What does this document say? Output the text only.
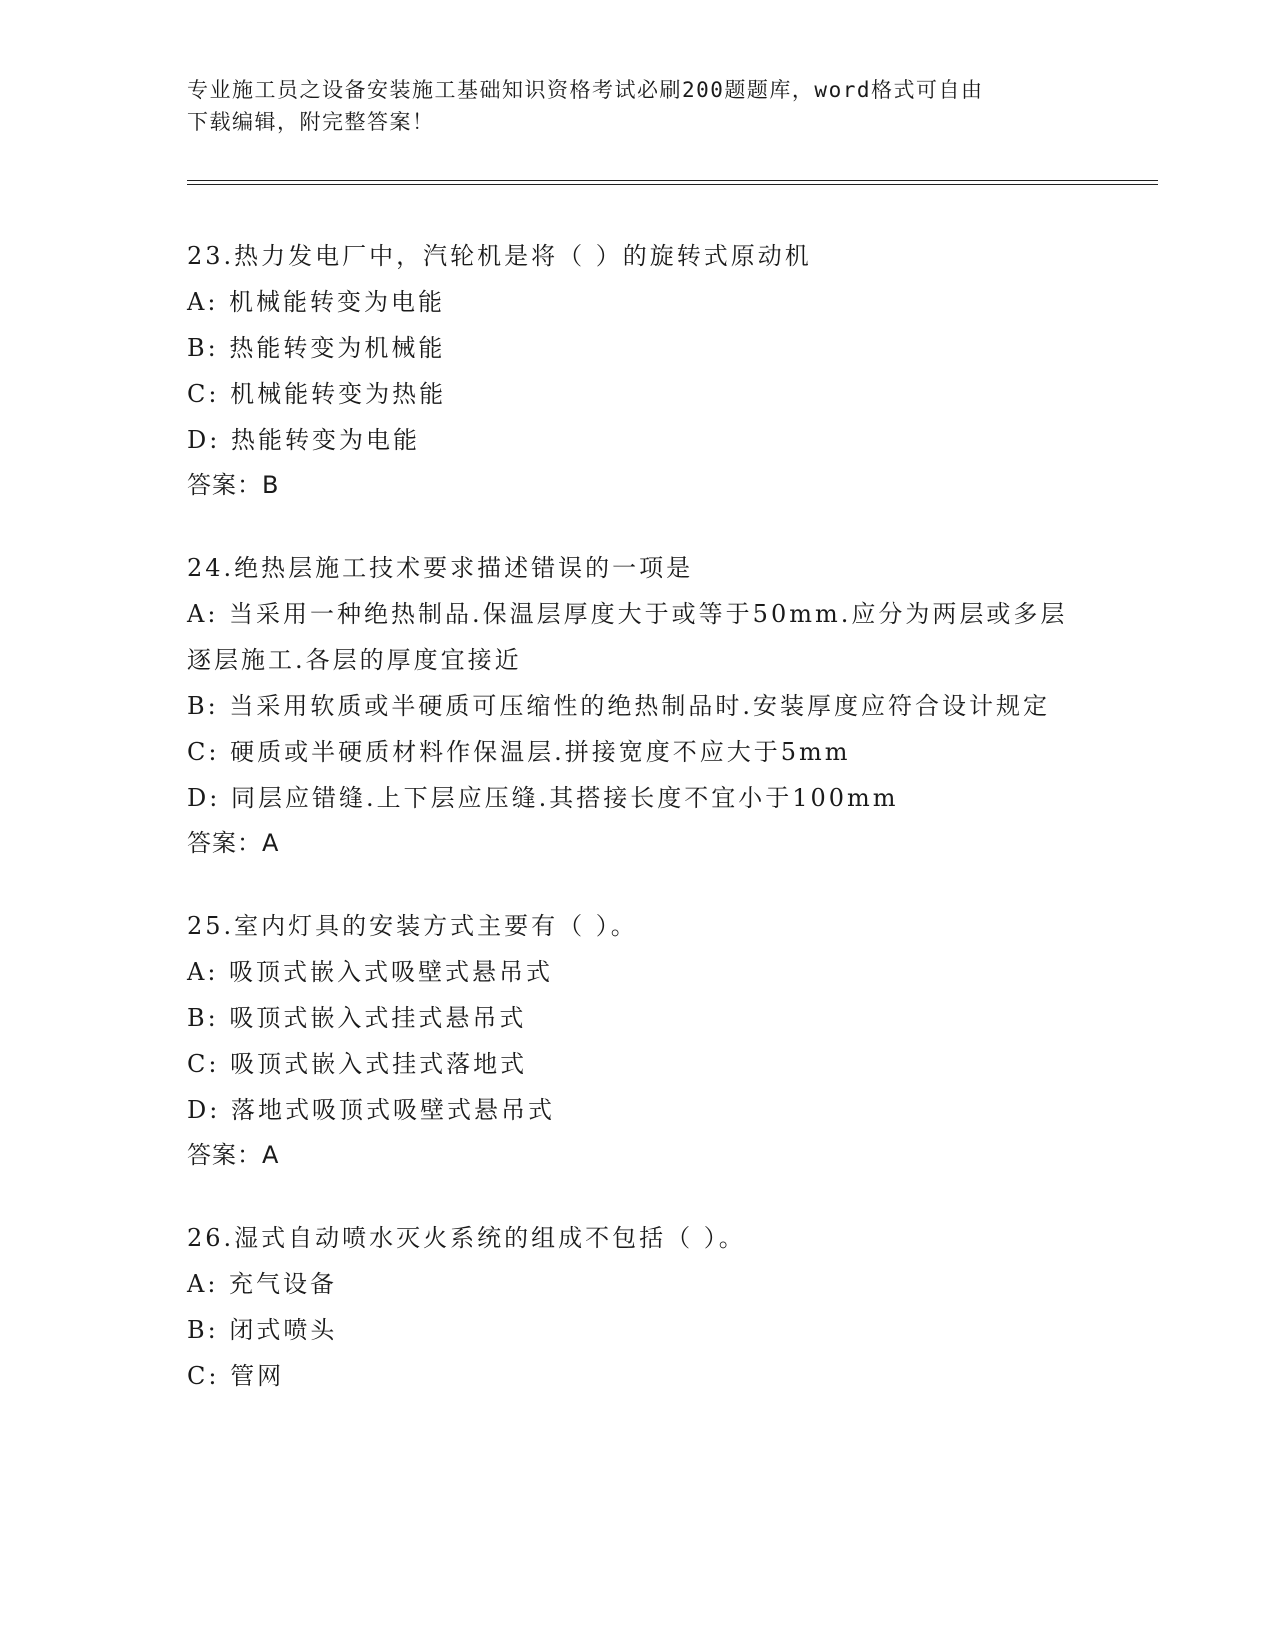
专业施工员之设备安装施工基础知识资格考试必刷200题题库，word格式可自由
下载编辑，附完整答案！
23.热力发电厂中，汽轮机是将（ ）的旋转式原动机
A: 机械能转变为电能
B: 热能转变为机械能
C: 机械能转变为热能
D: 热能转变为电能
答案：B
24.绝热层施工技术要求描述错误的一项是
A: 当采用一种绝热制品.保温层厚度大于或等于50mm.应分为两层或多层逐层施工.各层的厚度宜接近
B: 当采用软质或半硬质可压缩性的绝热制品时.安装厚度应符合设计规定
C: 硬质或半硬质材料作保温层.拼接宽度不应大于5mm
D: 同层应错缝.上下层应压缝.其搭接长度不宜小于100mm
答案：A
25.室内灯具的安装方式主要有（ ）。
A: 吸顶式嵌入式吸壁式悬吊式
B: 吸顶式嵌入式挂式悬吊式
C: 吸顶式嵌入式挂式落地式
D: 落地式吸顶式吸壁式悬吊式
答案：A
26.湿式自动喷水灭火系统的组成不包括（ ）。
A: 充气设备
B: 闭式喷头
C: 管网
